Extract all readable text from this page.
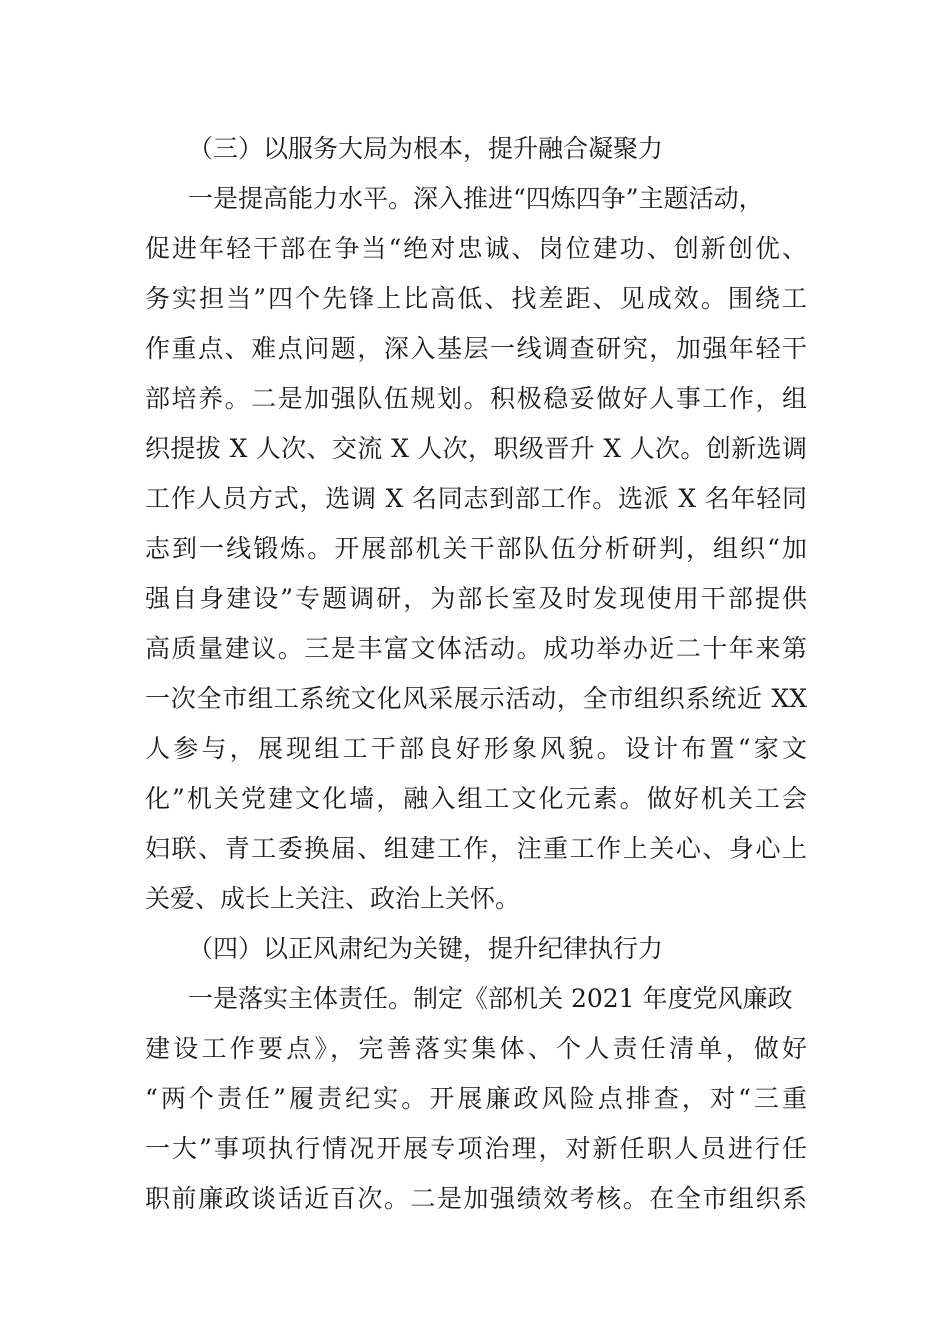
（三）以服务大局为根本，提升融合凝聚力
一是提高能力水平。深入推进“四炼四争”主题活动，
促进年轻干部在争当“绝对忠诚、岗位建功、创新创优、
务实担当”四个先锋上比高低、找差距、见成效。围绕工
作重点、难点问题，深入基层一线调查研究，加强年轻干
部培养。二是加强队伍规划。积极稳妥做好人事工作，组
织提拔 X 人次、交流 X 人次，职级晋升 X 人次。创新选调
工作人员方式，选调 X 名同志到部工作。选派 X 名年轻同
志到一线锻炼。开展部机关干部队伍分析研判，组织“加
强自身建设”专题调研，为部长室及时发现使用干部提供
高质量建议。三是丰富文体活动。成功举办近二十年来第
一次全市组工系统文化风采展示活动，全市组织系统近 XX
人参与，展现组工干部良好形象风貌。设计布置“家文
化”机关党建文化墙，融入组工文化元素。做好机关工会
妇联、青工委换届、组建工作，注重工作上关心、身心上
关爱、成长上关注、政治上关怀。
（四）以正风肃纪为关键，提升纪律执行力
一是落实主体责任。制定《部机关 2021 年度党风廉政
建设工作要点》，完善落实集体、个人责任清单，做好
“两个责任”履责纪实。开展廉政风险点排查，对“三重
一大”事项执行情况开展专项治理，对新任职人员进行任
职前廉政谈话近百次。二是加强绩效考核。在全市组织系
